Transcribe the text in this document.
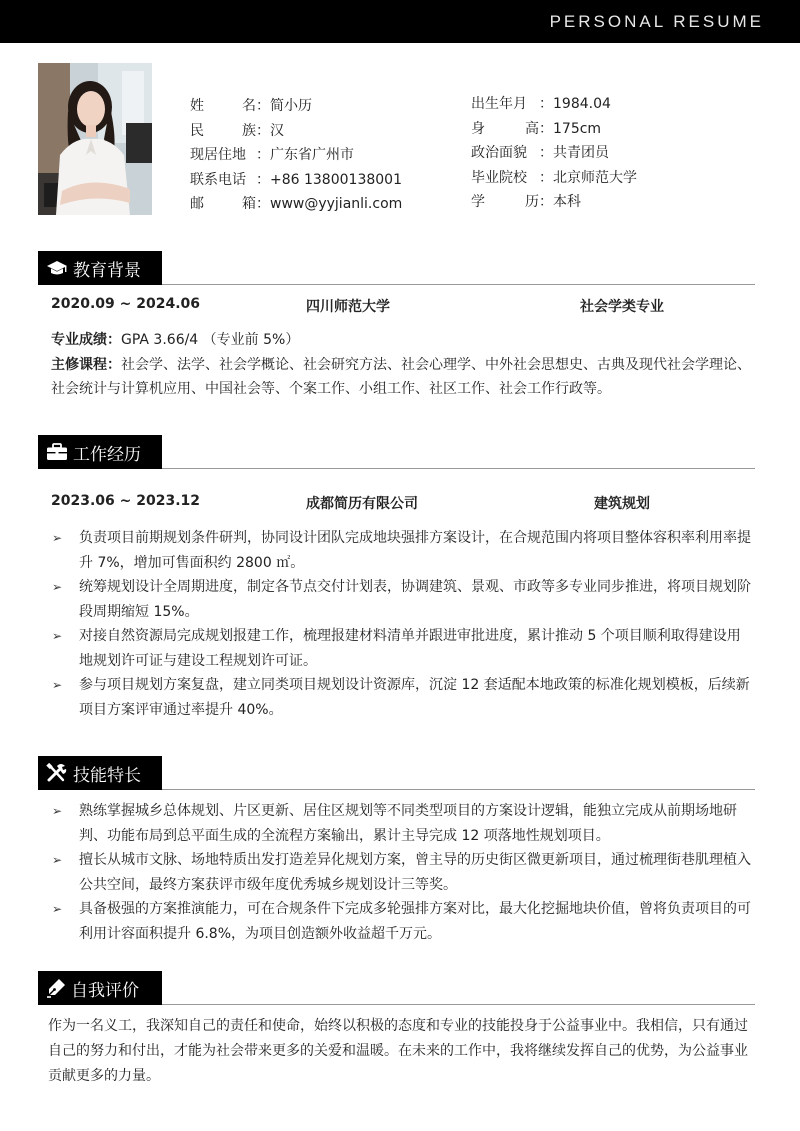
PERSONAL RESUME
姓	名 ： 简小历
民	族 ： 汉
现居住地 ： 广东省广州市
联系电话 ： +86 13800138001
邮	箱 ： www@yyjianli.com
出生年月 ： 1984.04
身	高 ： 175cm
政治面貌 ： 共青团员
毕业院校 ： 北京师范大学
学	历 ： 本科
教育背景
2020.09 ~ 2024.06	四川师范大学	社会学类专业
专业成绩：GPA 3.66/4 （专业前 5%）
主修课程：社会学、法学、社会学概论、社会研究方法、社会心理学、中外社会思想史、古典及现代社会学理论、社会统计与计算机应用、中国社会等、个案工作、小组工作、社区工作、社会工作行政等。
工作经历
2023.06 ~ 2023.12	成都简历有限公司	建筑规划
➢ 负责项目前期规划条件研判，协同设计团队完成地块强排方案设计，在合规范围内将项目整体容积率利用率提升 7%，增加可售面积约 2800 ㎡。
➢ 统筹规划设计全周期进度，制定各节点交付计划表，协调建筑、景观、市政等多专业同步推进，将项目规划阶段周期缩短 15%。
➢ 对接自然资源局完成规划报建工作，梳理报建材料清单并跟进审批进度，累计推动 5 个项目顺利取得建设用地规划许可证与建设工程规划许可证。
➢ 参与项目规划方案复盘，建立同类项目规划设计资源库，沉淀 12 套适配本地政策的标准化规划模板，后续新项目方案评审通过率提升 40%。
技能特长
➢ 熟练掌握城乡总体规划、片区更新、居住区规划等不同类型项目的方案设计逻辑，能独立完成从前期场地研判、功能布局到总平面生成的全流程方案输出，累计主导完成 12 项落地性规划项目。
➢ 擅长从城市文脉、场地特质出发打造差异化规划方案，曾主导的历史街区微更新项目，通过梳理街巷肌理植入公共空间，最终方案获评市级年度优秀城乡规划设计三等奖。
➢ 具备极强的方案推演能力，可在合规条件下完成多轮强排方案对比，最大化挖掘地块价值，曾将负责项目的可利用计容面积提升 6.8%，为项目创造额外收益超千万元。
自我评价
作为一名义工，我深知自己的责任和使命，始终以积极的态度和专业的技能投身于公益事业中。我相信，只有通过自己的努力和付出，才能为社会带来更多的关爱和温暖。在未来的工作中，我将继续发挥自己的优势，为公益事业贡献更多的力量。
